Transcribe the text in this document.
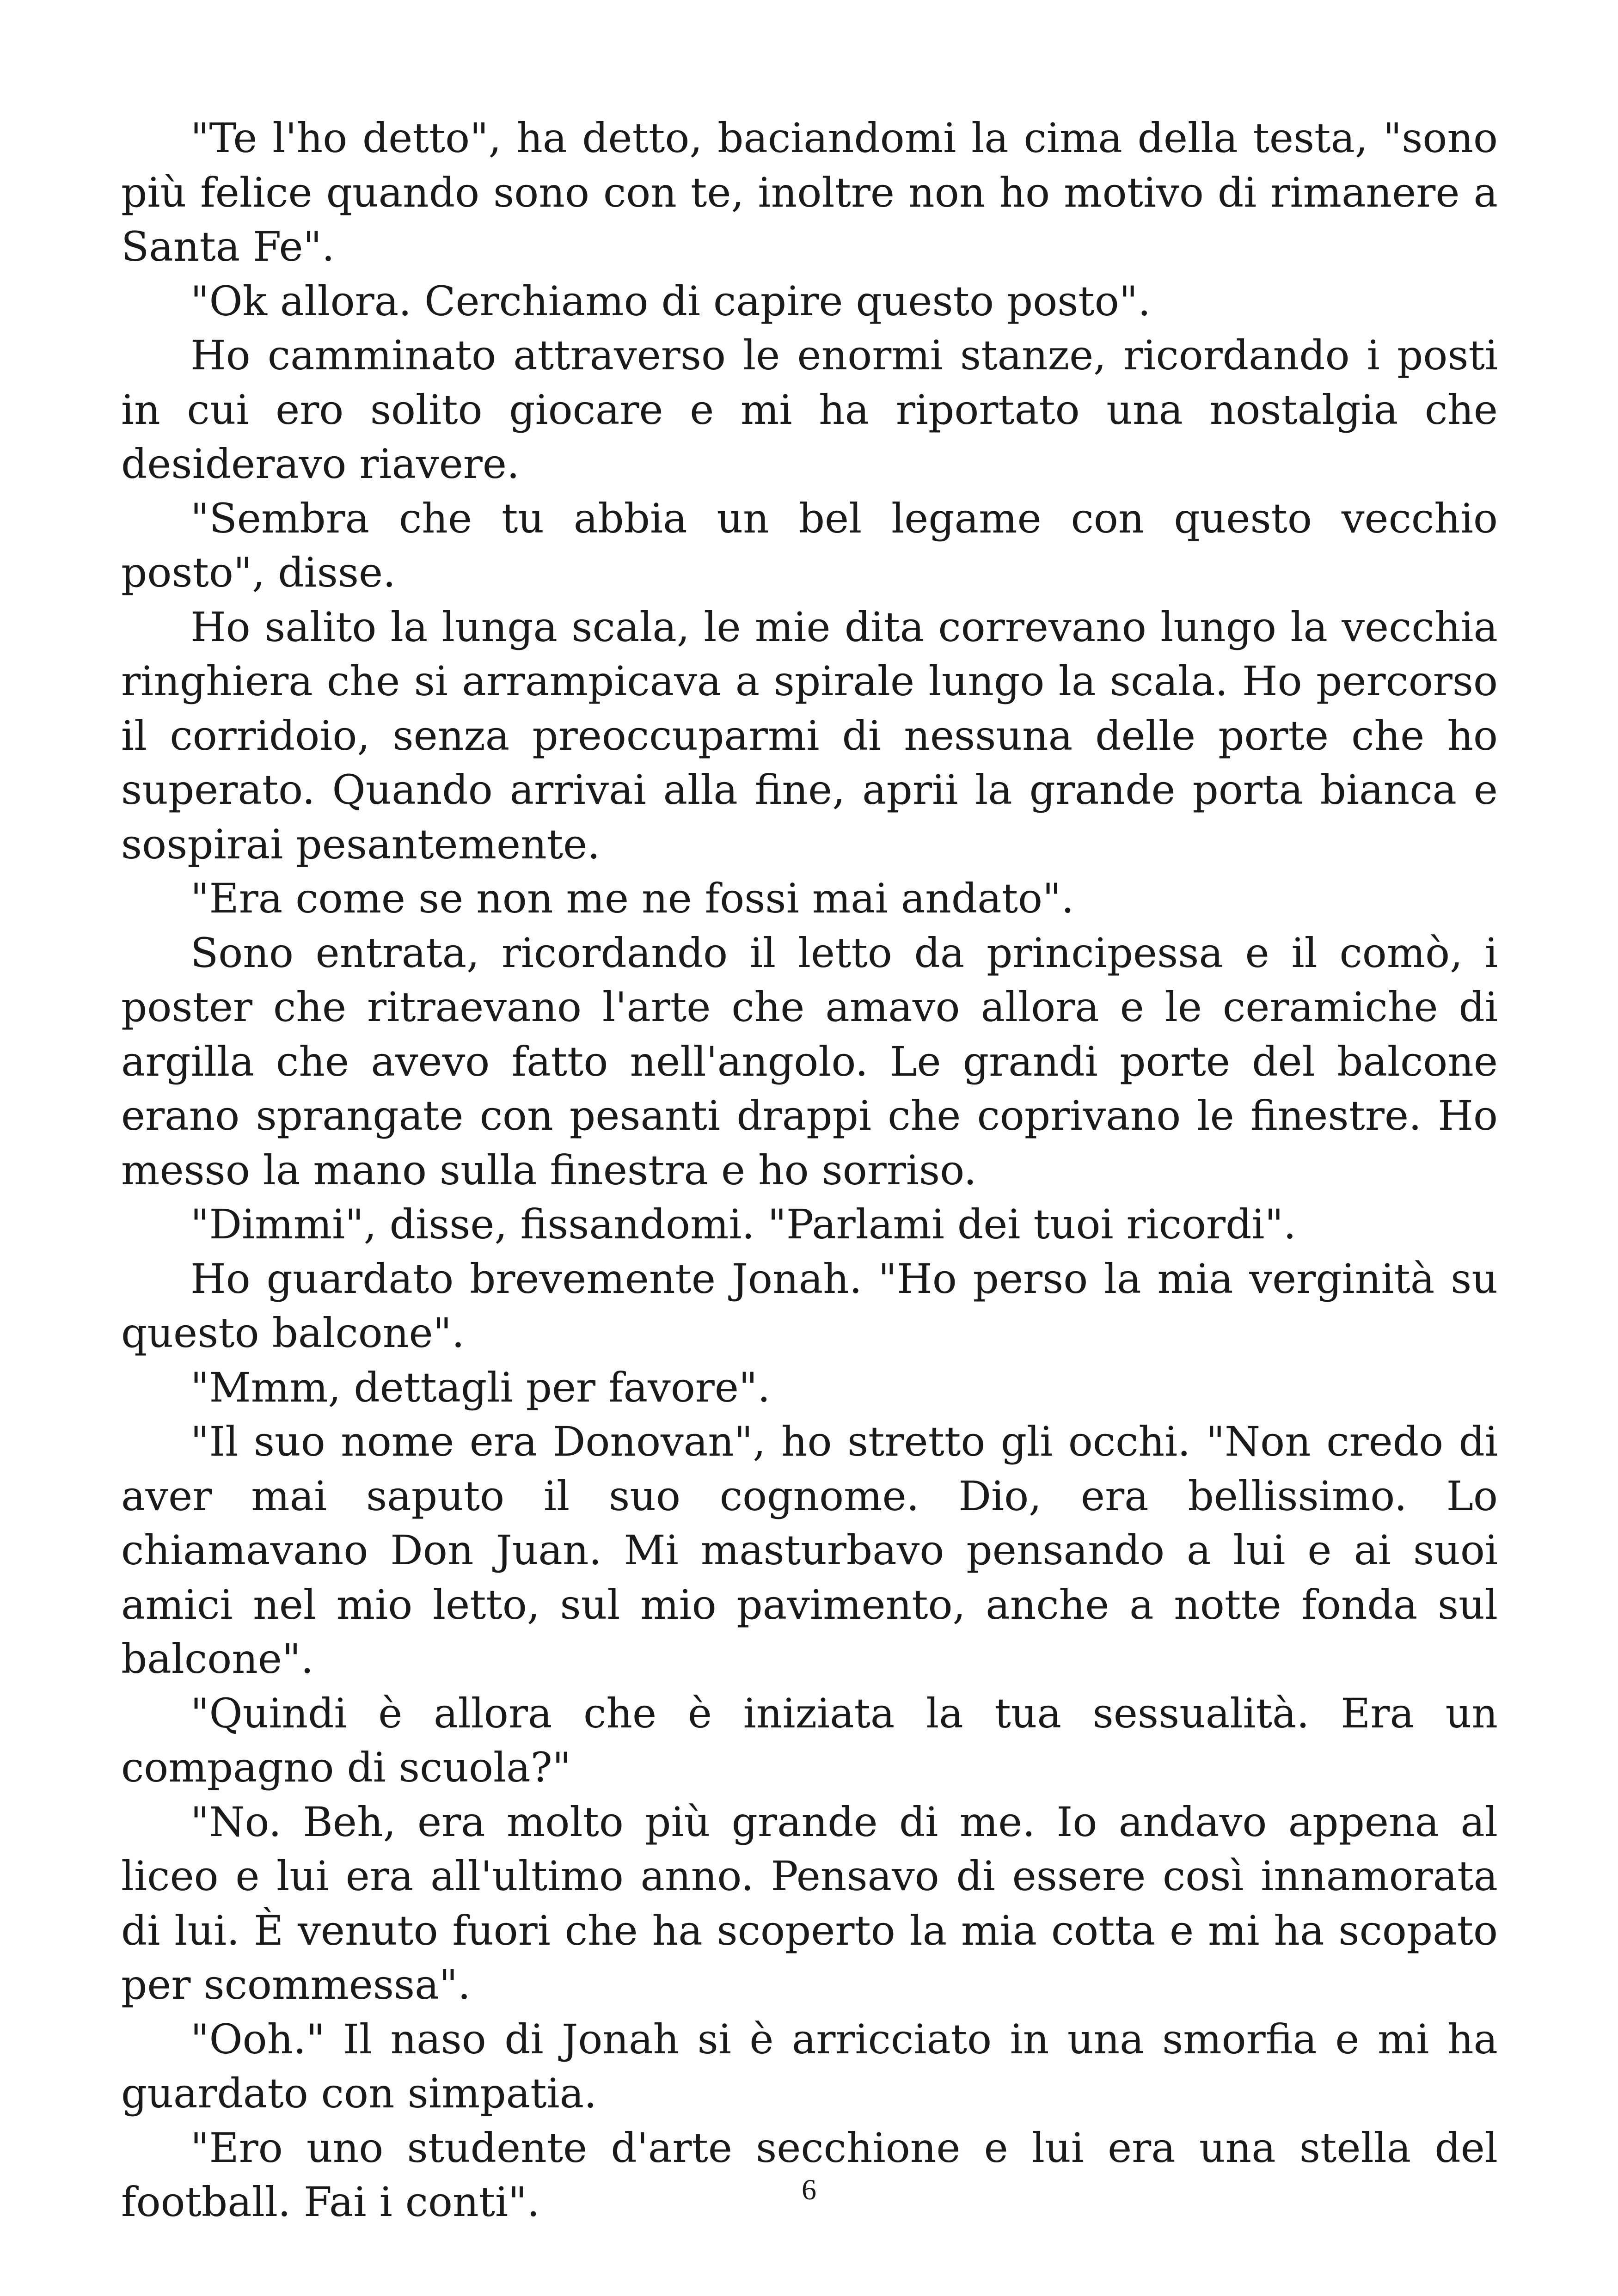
"Te l'ho detto", ha detto, baciandomi la cima della testa, "sono più felice quando sono con te, inoltre non ho motivo di rimanere a Santa Fe".

"Ok allora. Cerchiamo di capire questo posto".

Ho camminato attraverso le enormi stanze, ricordando i posti in cui ero solito giocare e mi ha riportato una nostalgia che desideravo riavere.

"Sembra che tu abbia un bel legame con questo vecchio posto", disse.

Ho salito la lunga scala, le mie dita correvano lungo la vecchia ringhiera che si arrampicava a spirale lungo la scala. Ho percorso il corridoio, senza preoccuparmi di nessuna delle porte che ho superato. Quando arrivai alla fine, aprii la grande porta bianca e sospirai pesantemente.

"Era come se non me ne fossi mai andato".

Sono entrata, ricordando il letto da principessa e il comò, i poster che ritraevano l'arte che amavo allora e le ceramiche di argilla che avevo fatto nell'angolo. Le grandi porte del balcone erano sprangate con pesanti drappi che coprivano le finestre. Ho messo la mano sulla finestra e ho sorriso.

"Dimmi", disse, fissandomi. "Parlami dei tuoi ricordi".

Ho guardato brevemente Jonah. "Ho perso la mia verginità su questo balcone".

"Mmm, dettagli per favore".

"Il suo nome era Donovan", ho stretto gli occhi. "Non credo di aver mai saputo il suo cognome. Dio, era bellissimo. Lo chiamavano Don Juan. Mi masturbavo pensando a lui e ai suoi amici nel mio letto, sul mio pavimento, anche a notte fonda sul balcone".

"Quindi è allora che è iniziata la tua sessualità. Era un compagno di scuola?"

"No. Beh, era molto più grande di me. Io andavo appena al liceo e lui era all'ultimo anno. Pensavo di essere così innamorata di lui. È venuto fuori che ha scoperto la mia cotta e mi ha scopato per scommessa".

"Ooh." Il naso di Jonah si è arricciato in una smorfia e mi ha guardato con simpatia.

"Ero uno studente d'arte secchione e lui era una stella del football. Fai i conti".	6
